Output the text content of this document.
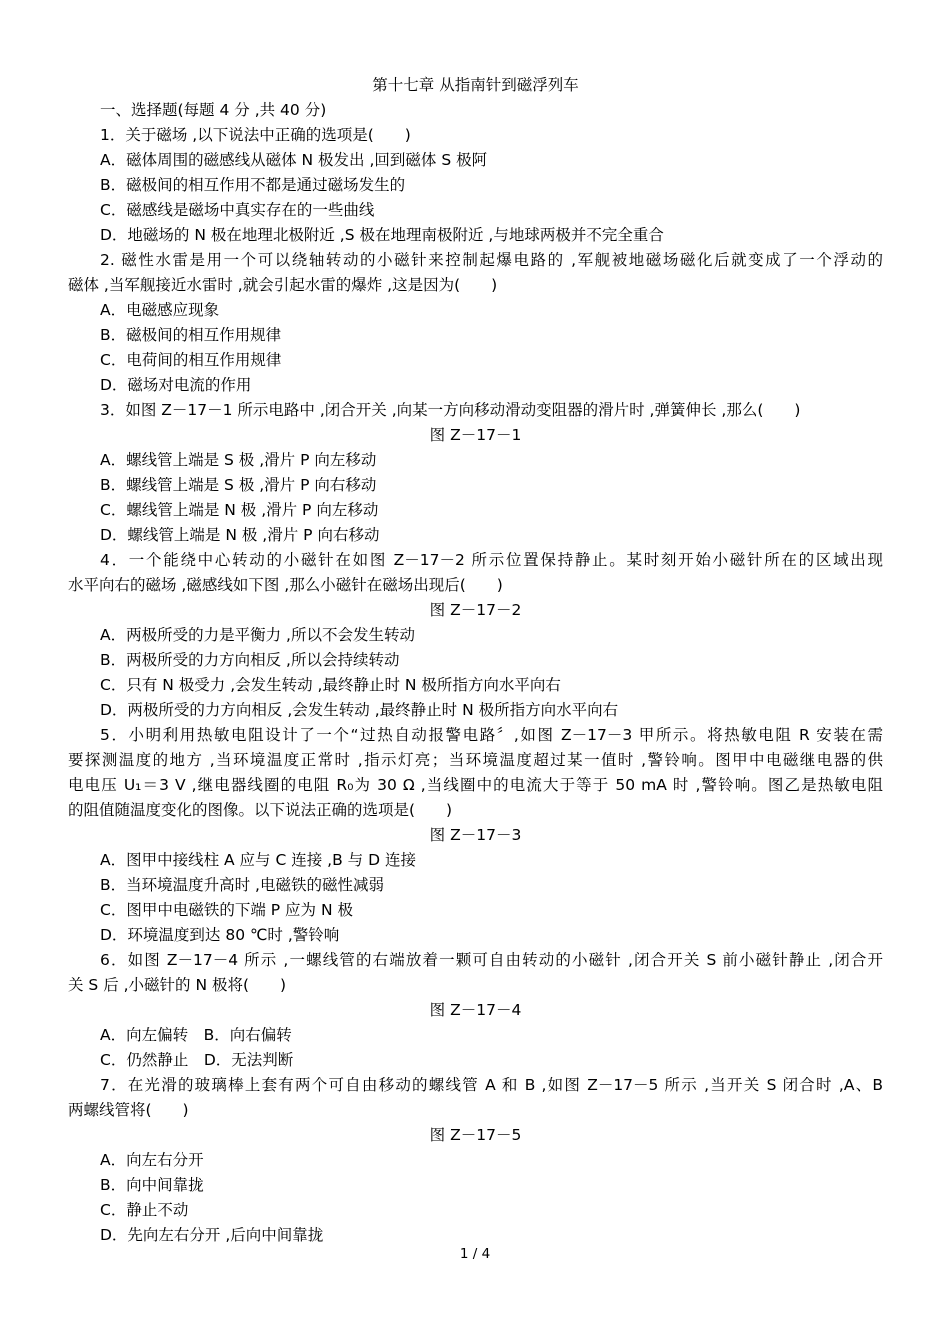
第十七章 从指南针到磁浮列车
一、选择题(每题 4 分 ,共 40 分)
1．关于磁场 ,以下说法中正确的选项是(　　)
A．磁体周围的磁感线从磁体 N 极发出 ,回到磁体 S 极阿
B．磁极间的相互作用不都是通过磁场发生的
C．磁感线是磁场中真实存在的一些曲线
D．地磁场的 N 极在地理北极附近 ,S 极在地理南极附近 ,与地球两极并不完全重合
2. 磁性水雷是用一个可以绕轴转动的小磁针来控制起爆电路的 ,军舰被地磁场磁化后就变成了一个浮动的
磁体 ,当军舰接近水雷时 ,就会引起水雷的爆炸 ,这是因为(　　)
A．电磁感应现象
B．磁极间的相互作用规律
C．电荷间的相互作用规律
D．磁场对电流的作用
3．如图 Z－17－1 所示电路中 ,闭合开关 ,向某一方向移动滑动变阻器的滑片时 ,弹簧伸长 ,那么(　　)
图 Z－17－1
A．螺线管上端是 S 极 ,滑片 P 向左移动
B．螺线管上端是 S 极 ,滑片 P 向右移动
C．螺线管上端是 N 极 ,滑片 P 向左移动
D．螺线管上端是 N 极 ,滑片 P 向右移动
4．一个能绕中心转动的小磁针在如图 Z－17－2 所示位置保持静止。某时刻开始小磁针所在的区域出现
水平向右的磁场 ,磁感线如下图 ,那么小磁针在磁场出现后(　　)
图 Z－17－2
A．两极所受的力是平衡力 ,所以不会发生转动
B．两极所受的力方向相反 ,所以会持续转动
C．只有 N 极受力 ,会发生转动 ,最终静止时 N 极所指方向水平向右
D．两极所受的力方向相反 ,会发生转动 ,最终静止时 N 极所指方向水平向右
5．小明利用热敏电阻设计了一个“过热自动报警电路〞,如图 Z－17－3 甲所示。将热敏电阻 R 安装在需
要探测温度的地方 ,当环境温度正常时 ,指示灯亮；当环境温度超过某一值时 ,警铃响。图甲中电磁继电器的供
电电压 U₁＝3 V ,继电器线圈的电阻 R₀为 30 Ω ,当线圈中的电流大于等于 50 mA 时 ,警铃响。图乙是热敏电阻
的阻值随温度变化的图像。以下说法正确的选项是(　　)
图 Z－17－3
A．图甲中接线柱 A 应与 C 连接 ,B 与 D 连接
B．当环境温度升高时 ,电磁铁的磁性减弱
C．图甲中电磁铁的下端 P 应为 N 极
D．环境温度到达 80 ℃时 ,警铃响
6．如图 Z－17－4 所示 ,一螺线管的右端放着一颗可自由转动的小磁针 ,闭合开关 S 前小磁针静止 ,闭合开
关 S 后 ,小磁针的 N 极将(　　)
图 Z－17－4
A．向左偏转　B．向右偏转
C．仍然静止　D．无法判断
7．在光滑的玻璃棒上套有两个可自由移动的螺线管 A 和 B ,如图 Z－17－5 所示 ,当开关 S 闭合时 ,A、B
两螺线管将(　　)
图 Z－17－5
A．向左右分开
B．向中间靠拢
C．静止不动
D．先向左右分开 ,后向中间靠拢
1 / 4
